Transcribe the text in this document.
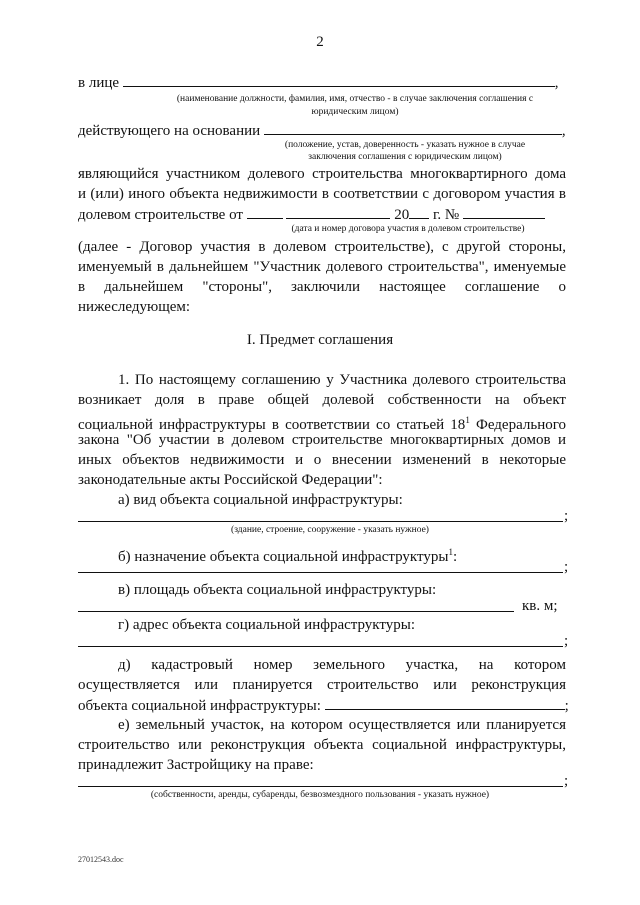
2
в лице	,
(наименование должности, фамилия, имя, отчество - в случае заключения соглашения с
юридическим лицом)
действующего на основании	,
(положение, устав, доверенность - указать нужное в случае
заключения соглашения с юридическим лицом)
являющийся участником долевого строительства многоквартирного дома
и (или) иного объекта недвижимости в соответствии с договором участия в
долевом строительстве от	20 г. №
(дата и номер договора участия в долевом строительстве)
(далее - Договор участия в долевом строительстве), с другой стороны,
именуемый в дальнейшем "Участник долевого строительства", именуемые
в дальнейшем "стороны", заключили настоящее соглашение о
нижеследующем:
I. Предмет соглашения
1. По настоящему соглашению у Участника долевого строительства
возникает доля в праве общей долевой собственности на объект
социальной инфраструктуры в соответствии со статьей $18^1$ Федерального
закона "Об участии в долевом строительстве многоквартирных домов и
иных объектов недвижимости и о внесении изменений в некоторые
законодательные акты Российской Федерации":
а) вид объекта социальной инфраструктуры:
;
(здание, строение, сооружение - указать нужное)
б) назначение объекта социальной инфраструктуры$^1$:
;
в) площадь объекта социальной инфраструктуры:
кв. м;
г) адрес объекта социальной инфраструктуры:
;
д) кадастровый номер земельного участка, на котором
осуществляется или планируется строительство или реконструкция
объекта социальной инфраструктуры:	;
е) земельный участок, на котором осуществляется или планируется
строительство или реконструкция объекта социальной инфраструктуры,
принадлежит Застройщику на праве:
;
(собственности, аренды, субаренды, безвозмездного пользования - указать нужное)
27012543.doc
